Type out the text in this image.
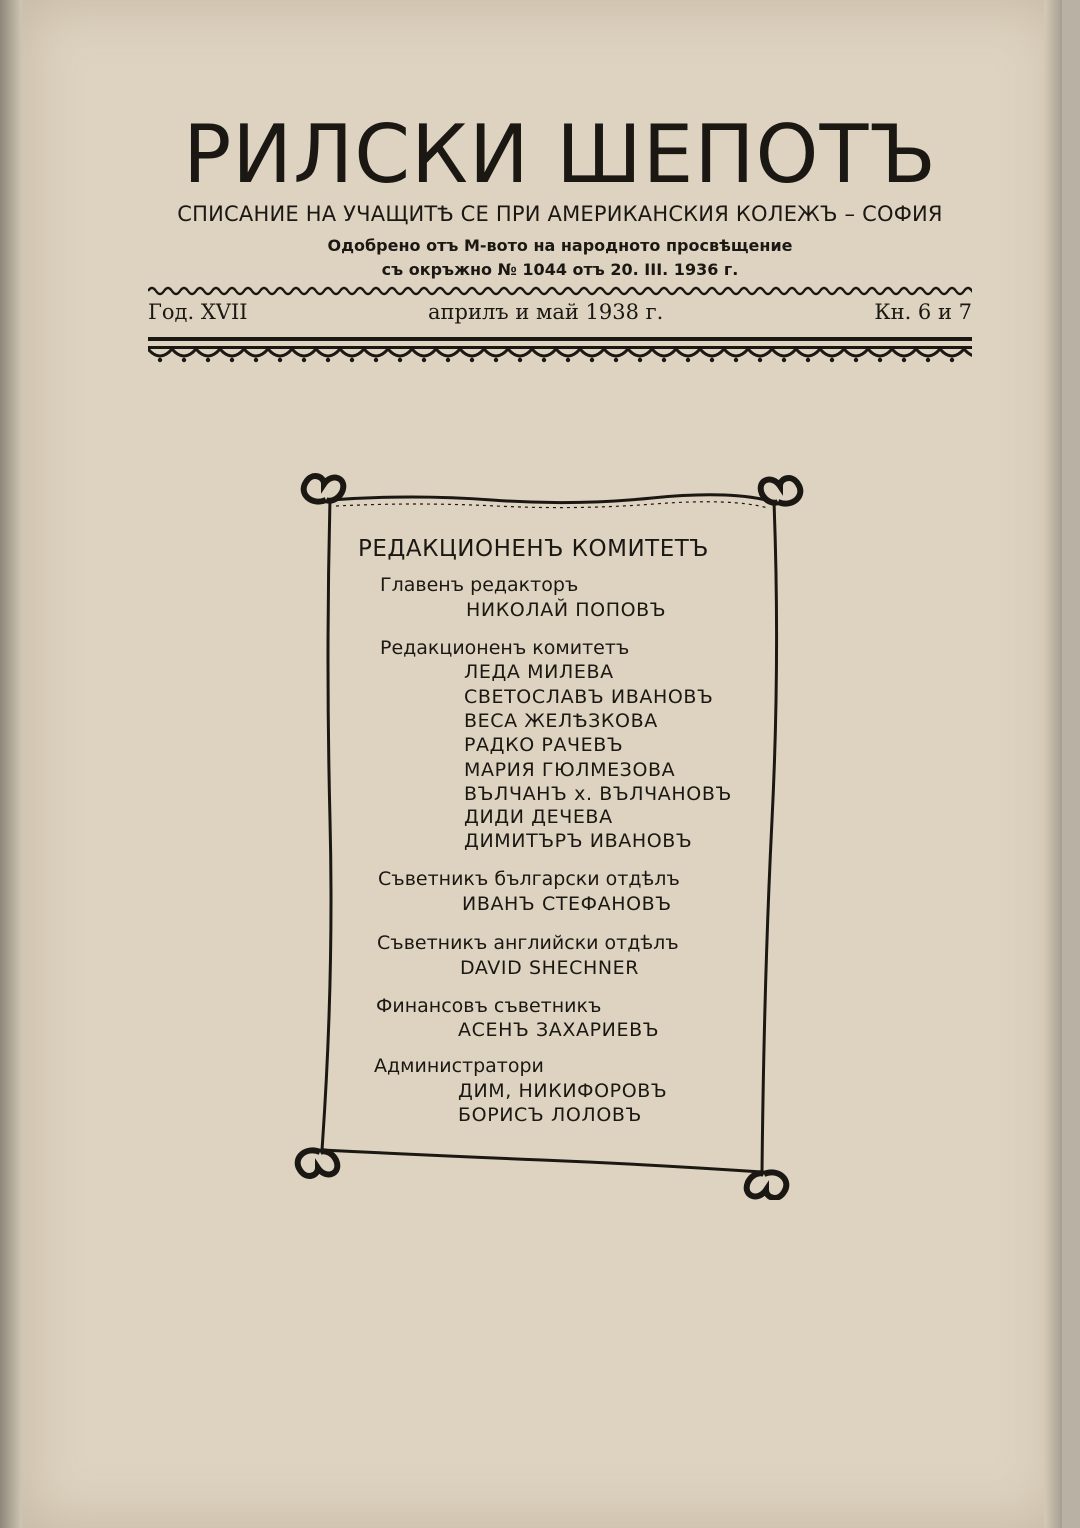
РИЛСКИ ШЕПОТЪ
СПИСАНИЕ НА УЧАЩИТѢ СЕ ПРИ АМЕРИКАНСКИЯ КОЛЕЖЪ – СОФИЯ
Одобрено отъ М-вото на народното просвѣщение
съ окръжно № 1044 отъ 20. III. 1936 г.
Год. XVII	априлъ и май 1938 г.	Кн. 6 и 7
РЕДАКЦИОНЕНЪ КОМИТЕТЪ
Главенъ редакторъ
НИКОЛАЙ ПОПОВЪ
Редакционенъ комитетъ
ЛЕДА МИЛЕВА
СВЕТОСЛАВЪ ИВАНОВЪ
ВЕСА ЖЕЛѢЗКОВА
РАДКО РАЧЕВЪ
МАРИЯ ГЮЛМЕЗОВА
ВЪЛЧАНЪ х. ВЪЛЧАНОВЪ
ДИДИ ДЕЧЕВА
ДИМИТЪРЪ ИВАНОВЪ
Съветникъ български отдѣлъ
ИВАНЪ СТЕФАНОВЪ
Съветникъ английски отдѣлъ
DAVID SHECHNER
Финансовъ съветникъ
АСЕНЪ ЗАХАРИЕВЪ
Администратори
ДИМ, НИКИФОРОВЪ
БОРИСЪ ЛОЛОВЪ
